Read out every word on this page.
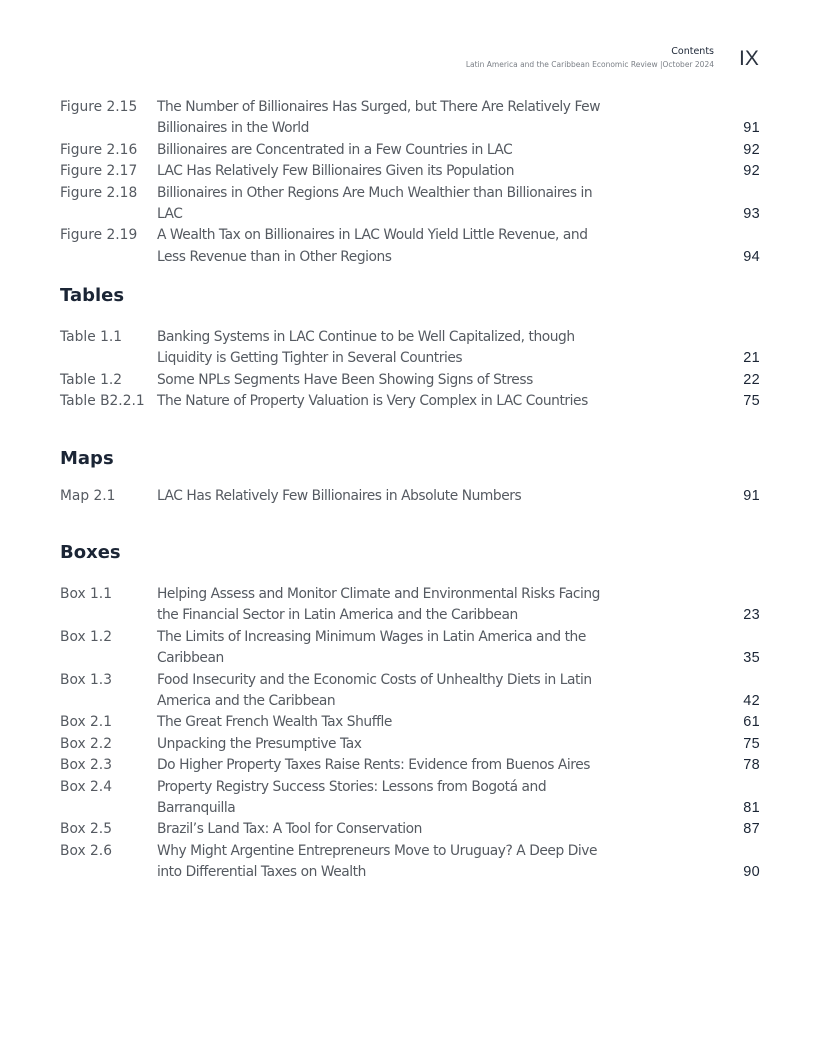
Contents
Latin America and the Caribbean Economic Review |October 2024 IX
Figure 2.15	The Number of Billionaires Has Surged, but There Are Relatively Few Billionaires in the World	91
Figure 2.16	Billionaires are Concentrated in a Few Countries in LAC	92
Figure 2.17	LAC Has Relatively Few Billionaires Given its Population	92
Figure 2.18	Billionaires in Other Regions Are Much Wealthier than Billionaires in LAC	93
Figure 2.19	A Wealth Tax on Billionaires in LAC Would Yield Little Revenue, and Less Revenue than in Other Regions	94
Tables
Table 1.1	Banking Systems in LAC Continue to be Well Capitalized, though Liquidity is Getting Tighter in Several Countries	21
Table 1.2	Some NPLs Segments Have Been Showing Signs of Stress	22
Table B2.2.1 The Nature of Property Valuation is Very Complex in LAC Countries	75
Maps
Map 2.1	LAC Has Relatively Few Billionaires in Absolute Numbers	91
Boxes
Box 1.1	Helping Assess and Monitor Climate and Environmental Risks Facing the Financial Sector in Latin America and the Caribbean	23
Box 1.2	The Limits of Increasing Minimum Wages in Latin America and the Caribbean	35
Box 1.3	Food Insecurity and the Economic Costs of Unhealthy Diets in Latin America and the Caribbean	42
Box 2.1	The Great French Wealth Tax Shuffle	61
Box 2.2	Unpacking the Presumptive Tax	75
Box 2.3	Do Higher Property Taxes Raise Rents: Evidence from Buenos Aires	78
Box 2.4	Property Registry Success Stories: Lessons from Bogotá and Barranquilla	81
Box 2.5	Brazil’s Land Tax: A Tool for Conservation	87
Box 2.6	Why Might Argentine Entrepreneurs Move to Uruguay? A Deep Dive into Differential Taxes on Wealth	90
